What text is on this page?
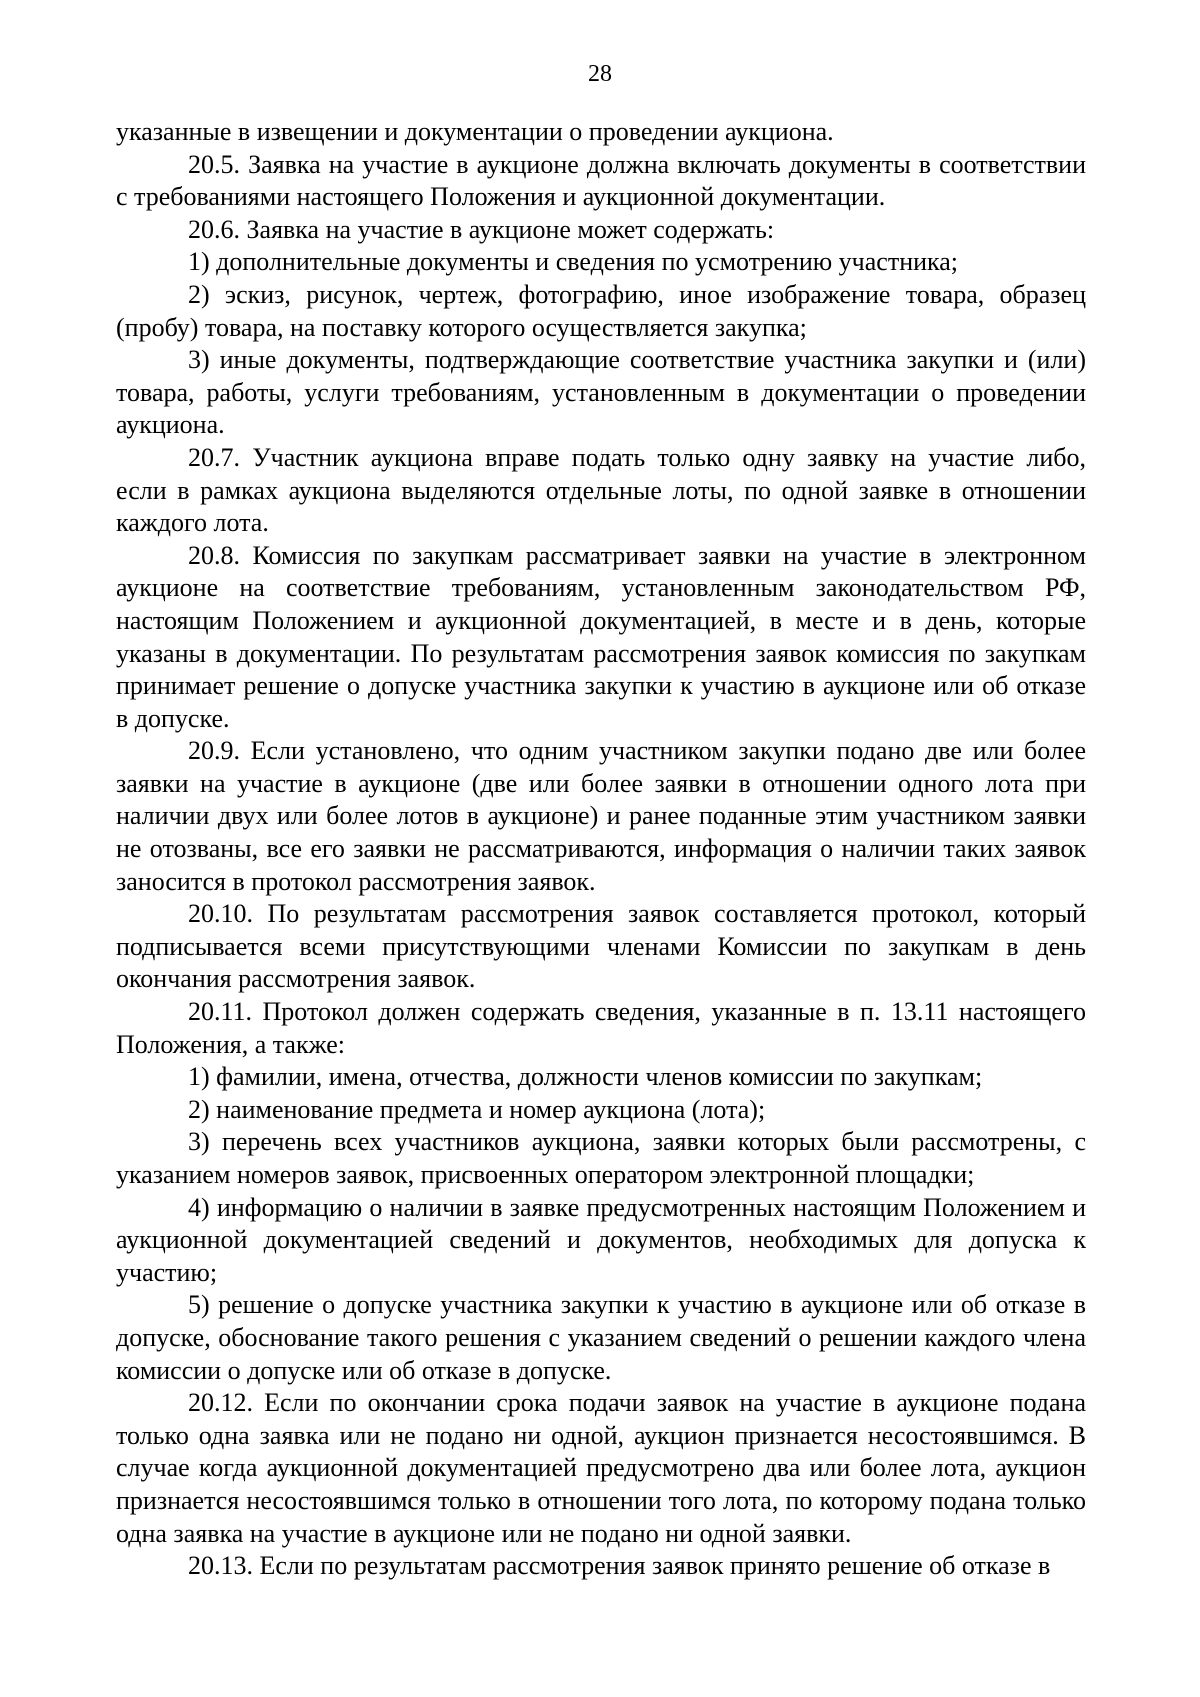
28

указанные в извещении и документации о проведении аукциона.

20.5. Заявка на участие в аукционе должна включать документы в соответствии с требованиями настоящего Положения и аукционной документации.

20.6. Заявка на участие в аукционе может содержать:

1) дополнительные документы и сведения по усмотрению участника;

2) эскиз, рисунок, чертеж, фотографию, иное изображение товара, образец (пробу) товара, на поставку которого осуществляется закупка;

3) иные документы, подтверждающие соответствие участника закупки и (или) товара, работы, услуги требованиям, установленным в документации о проведении аукциона.

20.7. Участник аукциона вправе подать только одну заявку на участие либо, если в рамках аукциона выделяются отдельные лоты, по одной заявке в отношении каждого лота.

20.8. Комиссия по закупкам рассматривает заявки на участие в электронном аукционе на соответствие требованиям, установленным законодательством РФ, настоящим Положением и аукционной документацией, в месте и в день, которые указаны в документации. По результатам рассмотрения заявок комиссия по закупкам принимает решение о допуске участника закупки к участию в аукционе или об отказе в допуске.

20.9. Если установлено, что одним участником закупки подано две или более заявки на участие в аукционе (две или более заявки в отношении одного лота при наличии двух или более лотов в аукционе) и ранее поданные этим участником заявки не отозваны, все его заявки не рассматриваются, информация о наличии таких заявок заносится в протокол рассмотрения заявок.

20.10. По результатам рассмотрения заявок составляется протокол, который подписывается всеми присутствующими членами Комиссии по закупкам в день окончания рассмотрения заявок.

20.11. Протокол должен содержать сведения, указанные в п. 13.11 настоящего Положения, а также:

1) фамилии, имена, отчества, должности членов комиссии по закупкам;

2) наименование предмета и номер аукциона (лота);

3) перечень всех участников аукциона, заявки которых были рассмотрены, с указанием номеров заявок, присвоенных оператором электронной площадки;

4) информацию о наличии в заявке предусмотренных настоящим Положением и аукционной документацией сведений и документов, необходимых для допуска к участию;

5) решение о допуске участника закупки к участию в аукционе или об отказе в допуске, обоснование такого решения с указанием сведений о решении каждого члена комиссии о допуске или об отказе в допуске.

20.12. Если по окончании срока подачи заявок на участие в аукционе подана только одна заявка или не подано ни одной, аукцион признается несостоявшимся. В случае когда аукционной документацией предусмотрено два или более лота, аукцион признается несостоявшимся только в отношении того лота, по которому подана только одна заявка на участие в аукционе или не подано ни одной заявки.

20.13. Если по результатам рассмотрения заявок принято решение об отказе в
